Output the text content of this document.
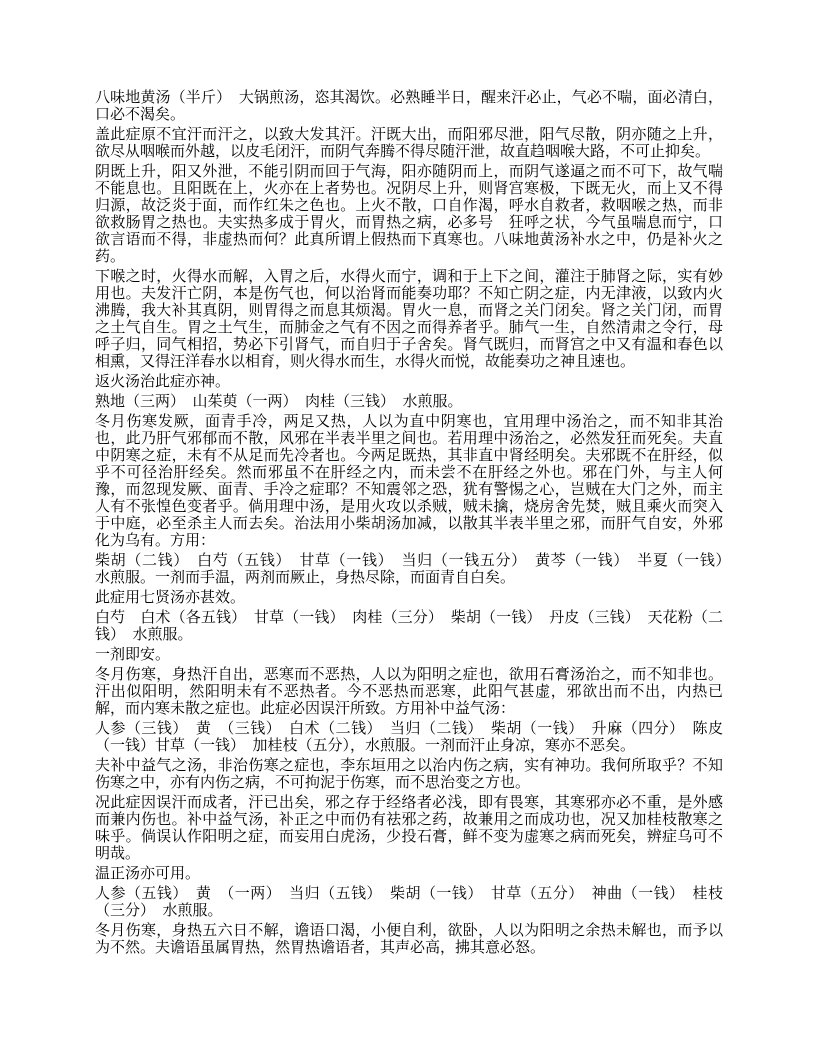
八味地黄汤（半斤）　大锅煎汤，恣其渴饮。必熟睡半日，醒来汗必止，气必不喘，面必清白，口必不渴矣。

盖此症原不宜汗而汗之，以致大发其汗。汗既大出，而阳邪尽泄，阳气尽散，阴亦随之上升，欲尽从咽喉而外越，以皮毛闭汗，而阴气奔腾不得尽随汗泄，故直趋咽喉大路，不可止抑矣。

阴既上升，阳又外泄，不能引阴而回于气海，阳亦随阴而上，而阴气遂逼之而不可下，故气喘不能息也。且阳既在上，火亦在上者势也。况阴尽上升，则肾宫寒极，下既无火，而上又不得归源，故泛炎于面，而作红朱之色也。上火不散，口自作渴，呼水自救者，救咽喉之热，而非欲救肠胃之热也。夫实热多成于胃火，而胃热之病，必多号　狂呼之状，今气虽喘息而宁，口欲言语而不得，非虚热而何？此真所谓上假热而下真寒也。八味地黄汤补水之中，仍是补火之药。

下喉之时，火得水而解，入胃之后，水得火而宁，调和于上下之间，灌注于肺肾之际，实有妙用也。夫发汗亡阴，本是伤气也，何以治肾而能奏功耶？不知亡阴之症，内无津液，以致内火沸腾，我大补其真阴，则胃得之而息其烦渴。胃火一息，而肾之关门闭矣。肾之关门闭，而胃之土气自生。胃之土气生，而肺金之气有不因之而得养者乎。肺气一生，自然清肃之令行，母呼子归，同气相招，势必下引肾气，而自归于子舍矣。肾气既归，而肾宫之中又有温和春色以相熏，又得汪洋春水以相育，则火得水而生，水得火而悦，故能奏功之神且速也。

返火汤治此症亦神。

熟地（三两）　山茱萸（一两）　肉桂（三钱）　水煎服。

冬月伤寒发厥，面青手冷，两足又热，人以为直中阴寒也，宜用理中汤治之，而不知非其治也，此乃肝气邪郁而不散，风邪在半表半里之间也。若用理中汤治之，必然发狂而死矣。夫直中阴寒之症，未有不从足而先冷者也。今两足既热，其非直中肾经明矣。夫邪既不在肝经，似乎不可径治肝经矣。然而邪虽不在肝经之内，而未尝不在肝经之外也。邪在门外，与主人何豫，而忽现发厥、面青、手冷之症耶？不知震邻之恐，犹有警惕之心，岂贼在大门之外，而主人有不张惶色变者乎。倘用理中汤，是用火攻以杀贼，贼未擒，烧房舍先焚，贼且乘火而突入于中庭，必至杀主人而去矣。治法用小柴胡汤加减，以散其半表半里之邪，而肝气自安，外邪化为乌有。方用：

柴胡（二钱）　白芍（五钱）　甘草（一钱）　当归（一钱五分）　黄芩（一钱）　半夏（一钱）　水煎服。一剂而手温，两剂而厥止，身热尽除，而面青自白矣。

此症用七贤汤亦甚效。

白芍　白术（各五钱）　甘草（一钱）　肉桂（三分）　柴胡（一钱）　丹皮（三钱）　天花粉（二钱）　水煎服。

一剂即安。

冬月伤寒，身热汗自出，恶寒而不恶热，人以为阳明之症也，欲用石膏汤治之，而不知非也。汗出似阳明，然阳明未有不恶热者。今不恶热而恶寒，此阳气甚虚，邪欲出而不出，内热已解，而内寒未散之症也。此症必因误汗所致。方用补中益气汤：

人参（三钱）　黄　（三钱）　白术（二钱）　当归（二钱）　柴胡（一钱）　升麻（四分）　陈皮（一钱）甘草（一钱）　加桂枝（五分），水煎服。一剂而汗止身凉，寒亦不恶矣。

夫补中益气之汤，非治伤寒之症也，李东垣用之以治内伤之病，实有神功。我何所取乎？不知伤寒之中，亦有内伤之病，不可拘泥于伤寒，而不思治变之方也。

况此症因误汗而成者，汗已出矣，邪之存于经络者必浅，即有畏寒，其寒邪亦必不重，是外感而兼内伤也。补中益气汤，补正之中而仍有祛邪之药，故兼用之而成功也，况又加桂枝散寒之味乎。倘误认作阳明之症，而妄用白虎汤，少投石膏，鲜不变为虚寒之病而死矣，辨症乌可不明哉。

温正汤亦可用。

人参（五钱）　黄　（一两）　当归（五钱）　柴胡（一钱）　甘草（五分）　神曲（一钱）　桂枝（三分）　水煎服。

冬月伤寒，身热五六日不解，谵语口渴，小便自利，欲卧，人以为阳明之余热未解也，而予以为不然。夫谵语虽属胃热，然胃热谵语者，其声必高，拂其意必怒。
